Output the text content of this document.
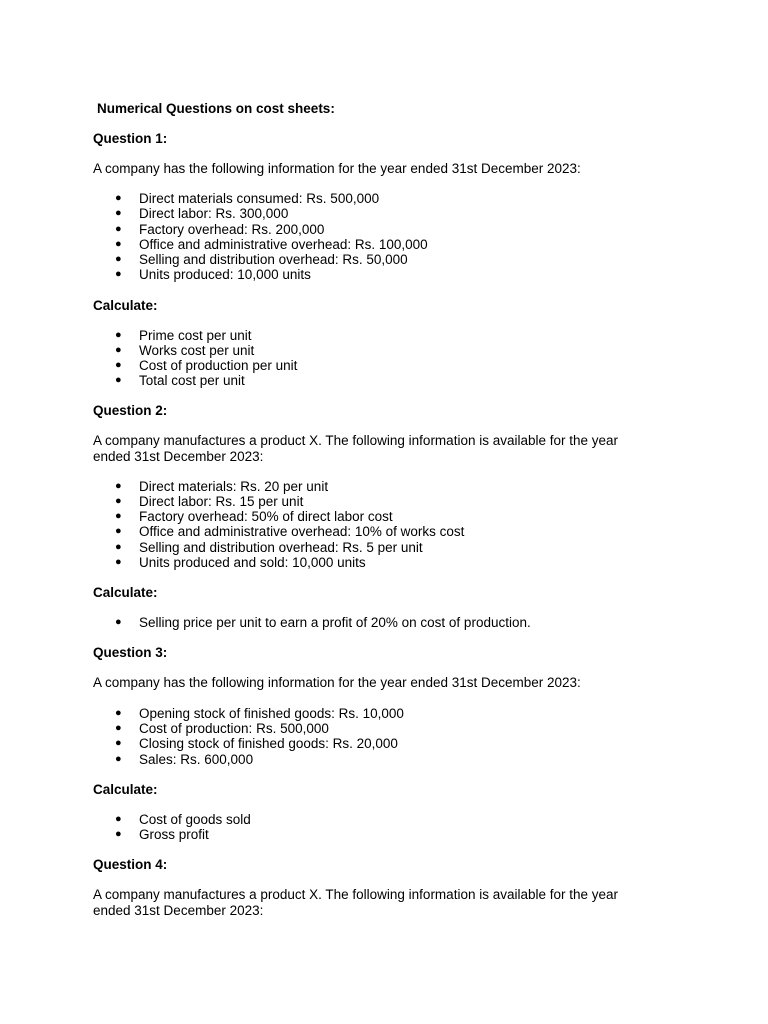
Numerical Questions on cost sheets:

Question 1:

A company has the following information for the year ended 31st December 2023:

● Direct materials consumed: Rs. 500,000
● Direct labor: Rs. 300,000
● Factory overhead: Rs. 200,000
● Office and administrative overhead: Rs. 100,000
● Selling and distribution overhead: Rs. 50,000
● Units produced: 10,000 units

Calculate:

● Prime cost per unit
● Works cost per unit
● Cost of production per unit
● Total cost per unit

Question 2:

A company manufactures a product X. The following information is available for the year

ended 31st December 2023:

● Direct materials: Rs. 20 per unit
● Direct labor: Rs. 15 per unit
● Factory overhead: 50% of direct labor cost
● Office and administrative overhead: 10% of works cost
● Selling and distribution overhead: Rs. 5 per unit
● Units produced and sold: 10,000 units

Calculate:

● Selling price per unit to earn a profit of 20% on cost of production.

Question 3:

A company has the following information for the year ended 31st December 2023:

● Opening stock of finished goods: Rs. 10,000
● Cost of production: Rs. 500,000
● Closing stock of finished goods: Rs. 20,000
● Sales: Rs. 600,000

Calculate:

● Cost of goods sold
● Gross profit

Question 4:

A company manufactures a product X. The following information is available for the year

ended 31st December 2023:
